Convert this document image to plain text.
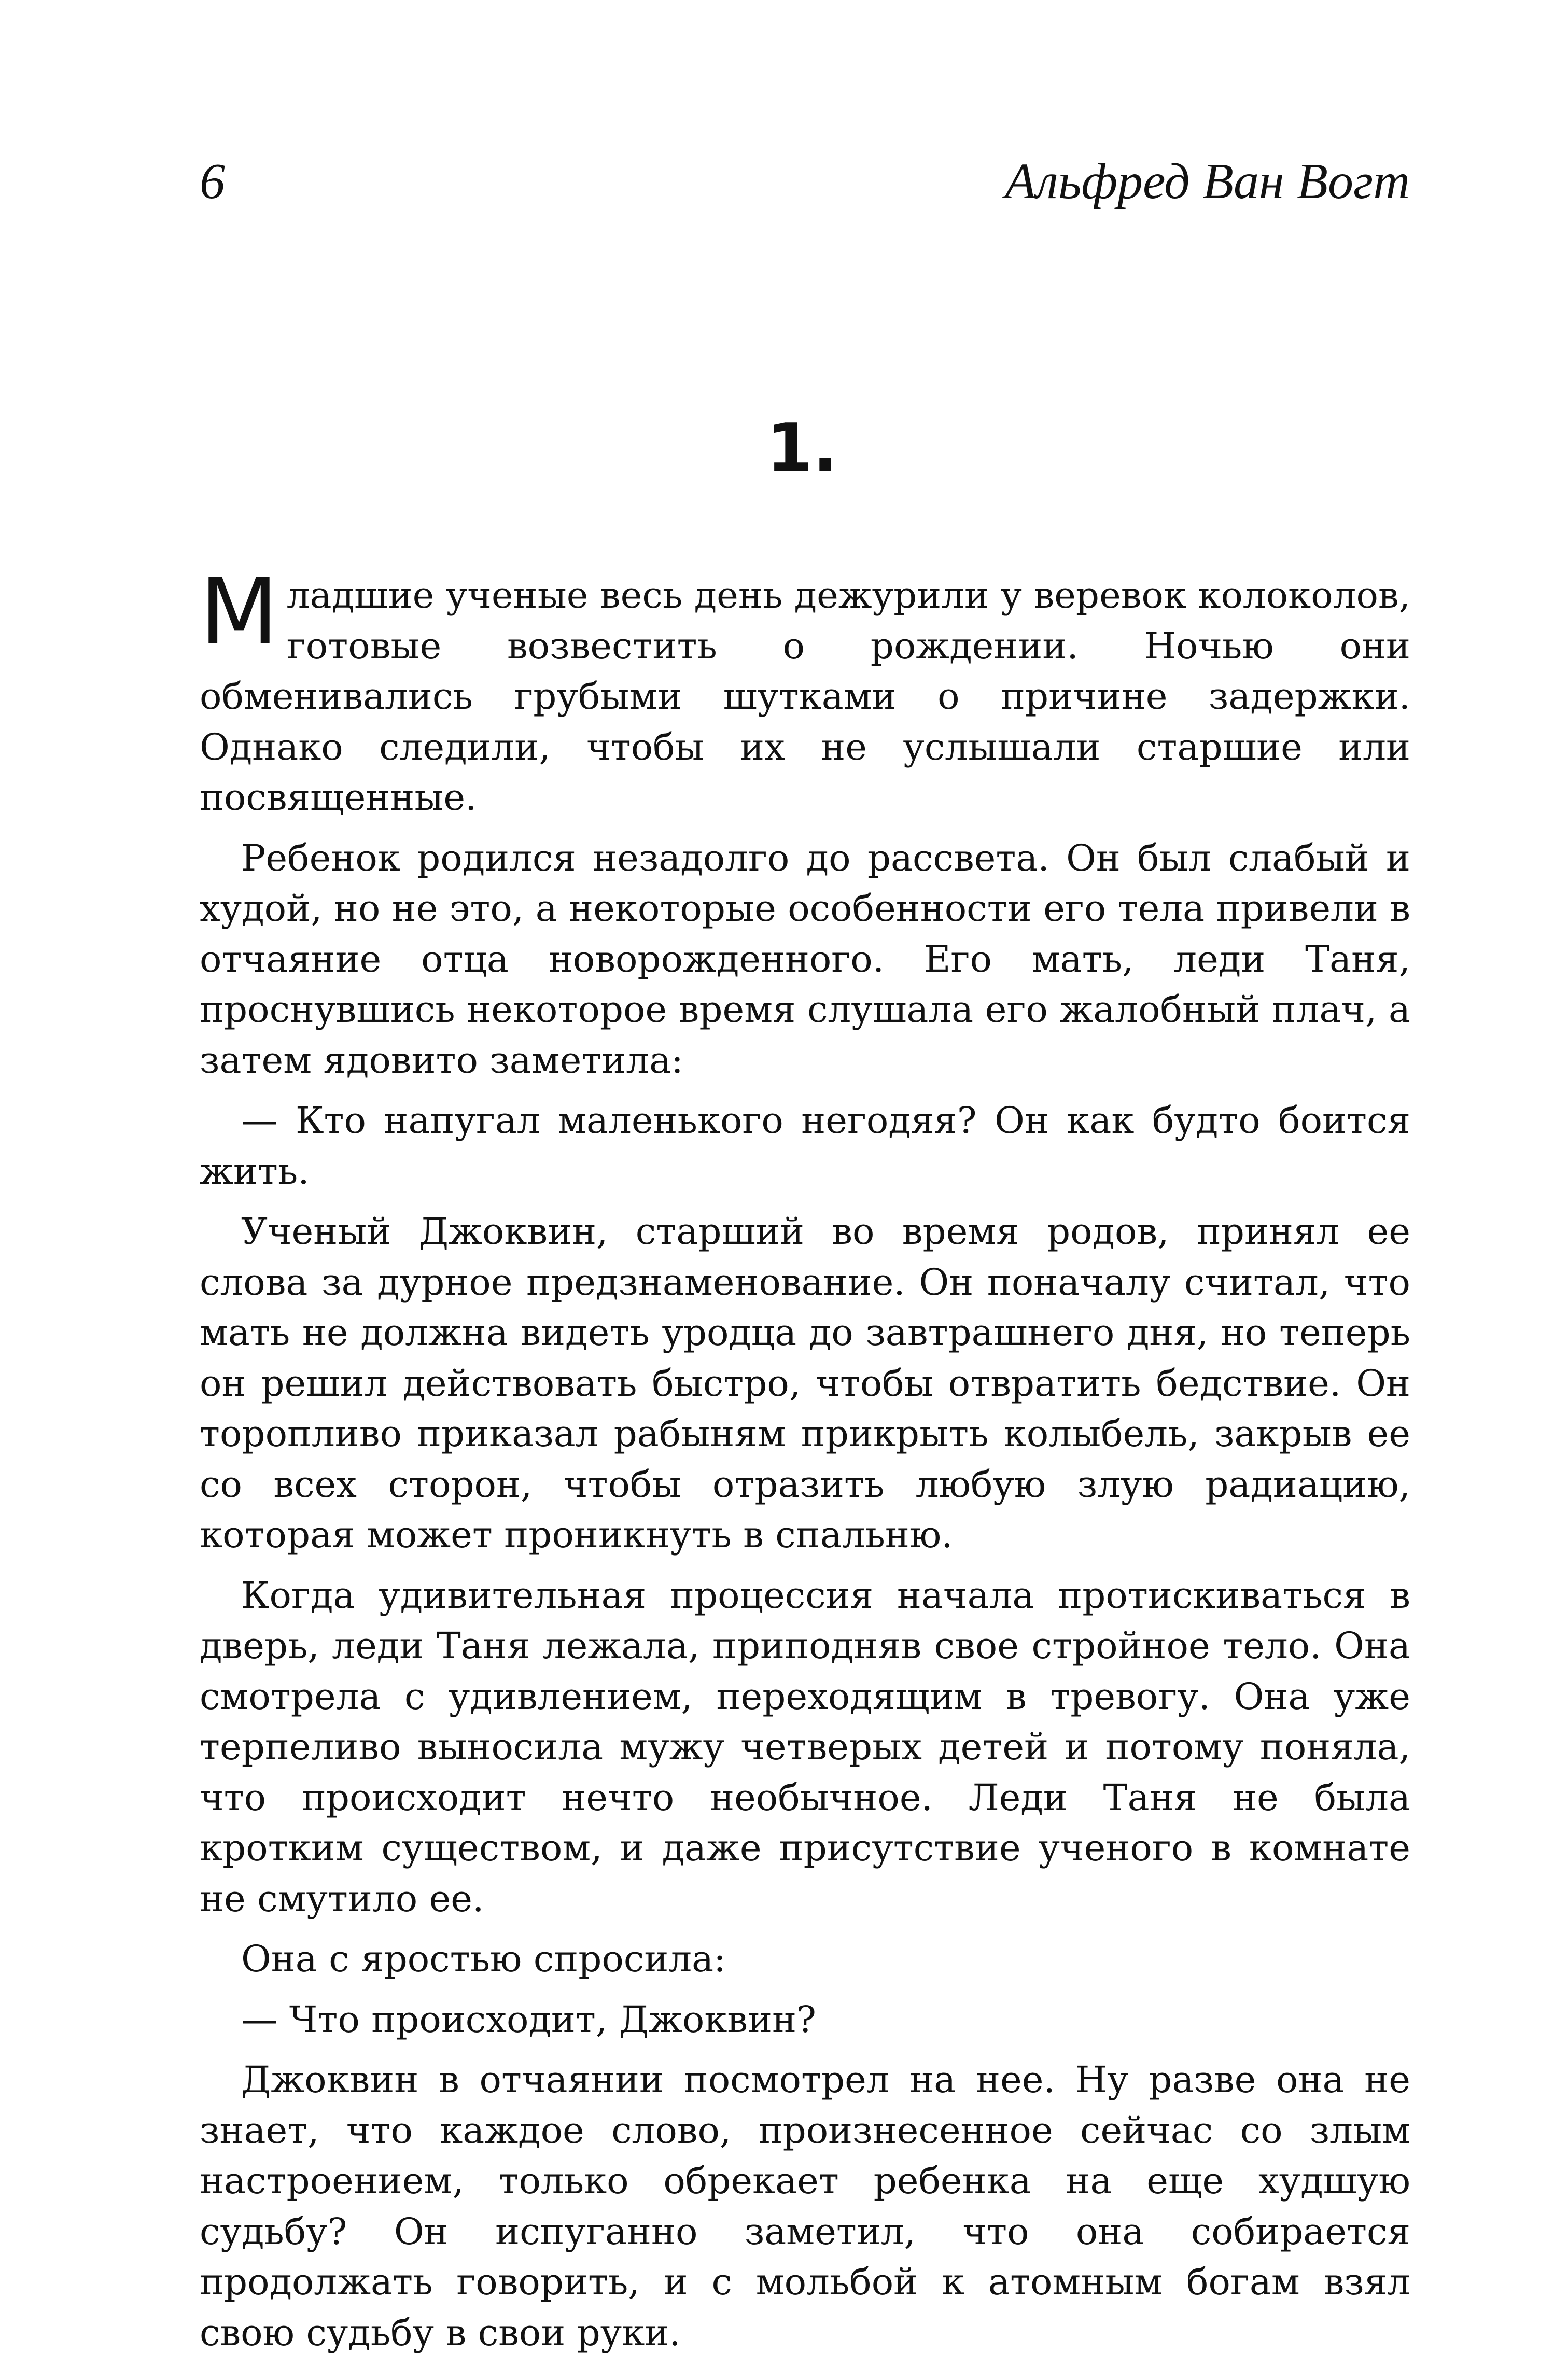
6	Альфред Ван Вогт
1.

Младшие ученые весь день дежурили у веревок колоколов, готовые возвестить о рождении. Ночью они обменивались грубыми шутками о причине задержки. Однако следили, чтобы их не услышали старшие или посвященные.

Ребенок родился незадолго до рассвета. Он был слабый и худой, но не это, а некоторые особенности его тела привели в отчаяние отца новорожденного. Его мать, леди Таня, проснувшись некоторое время слушала его жалобный плач, а затем ядовито заметила:

— Кто напугал маленького негодяя? Он как будто боится жить.

Ученый Джоквин, старший во время родов, принял ее слова за дурное предзнаменование. Он поначалу считал, что мать не должна видеть уродца до завтрашнего дня, но теперь он решил действовать быстро, чтобы отвратить бедствие. Он торопливо приказал рабыням прикрыть колыбель, закрыв ее со всех сторон, чтобы отразить любую злую радиацию, которая может проникнуть в спальню.

Когда удивительная процессия начала протискиваться в дверь, леди Таня лежала, приподняв свое стройное тело. Она смотрела с удивлением, переходящим в тревогу. Она уже терпеливо выносила мужу четверых детей и потому поняла, что происходит нечто необычное. Леди Таня не была кротким существом, и даже присутствие ученого в комнате не смутило ее.

Она с яростью спросила:

— Что происходит, Джоквин?

Джоквин в отчаянии посмотрел на нее. Ну разве она не знает, что каждое слово, произнесенное сейчас со злым настроением, только обрекает ребенка на еще худшую судьбу? Он испуганно заметил, что она собирается продолжать говорить, и с мольбой к атомным богам взял свою судьбу в свои руки.
